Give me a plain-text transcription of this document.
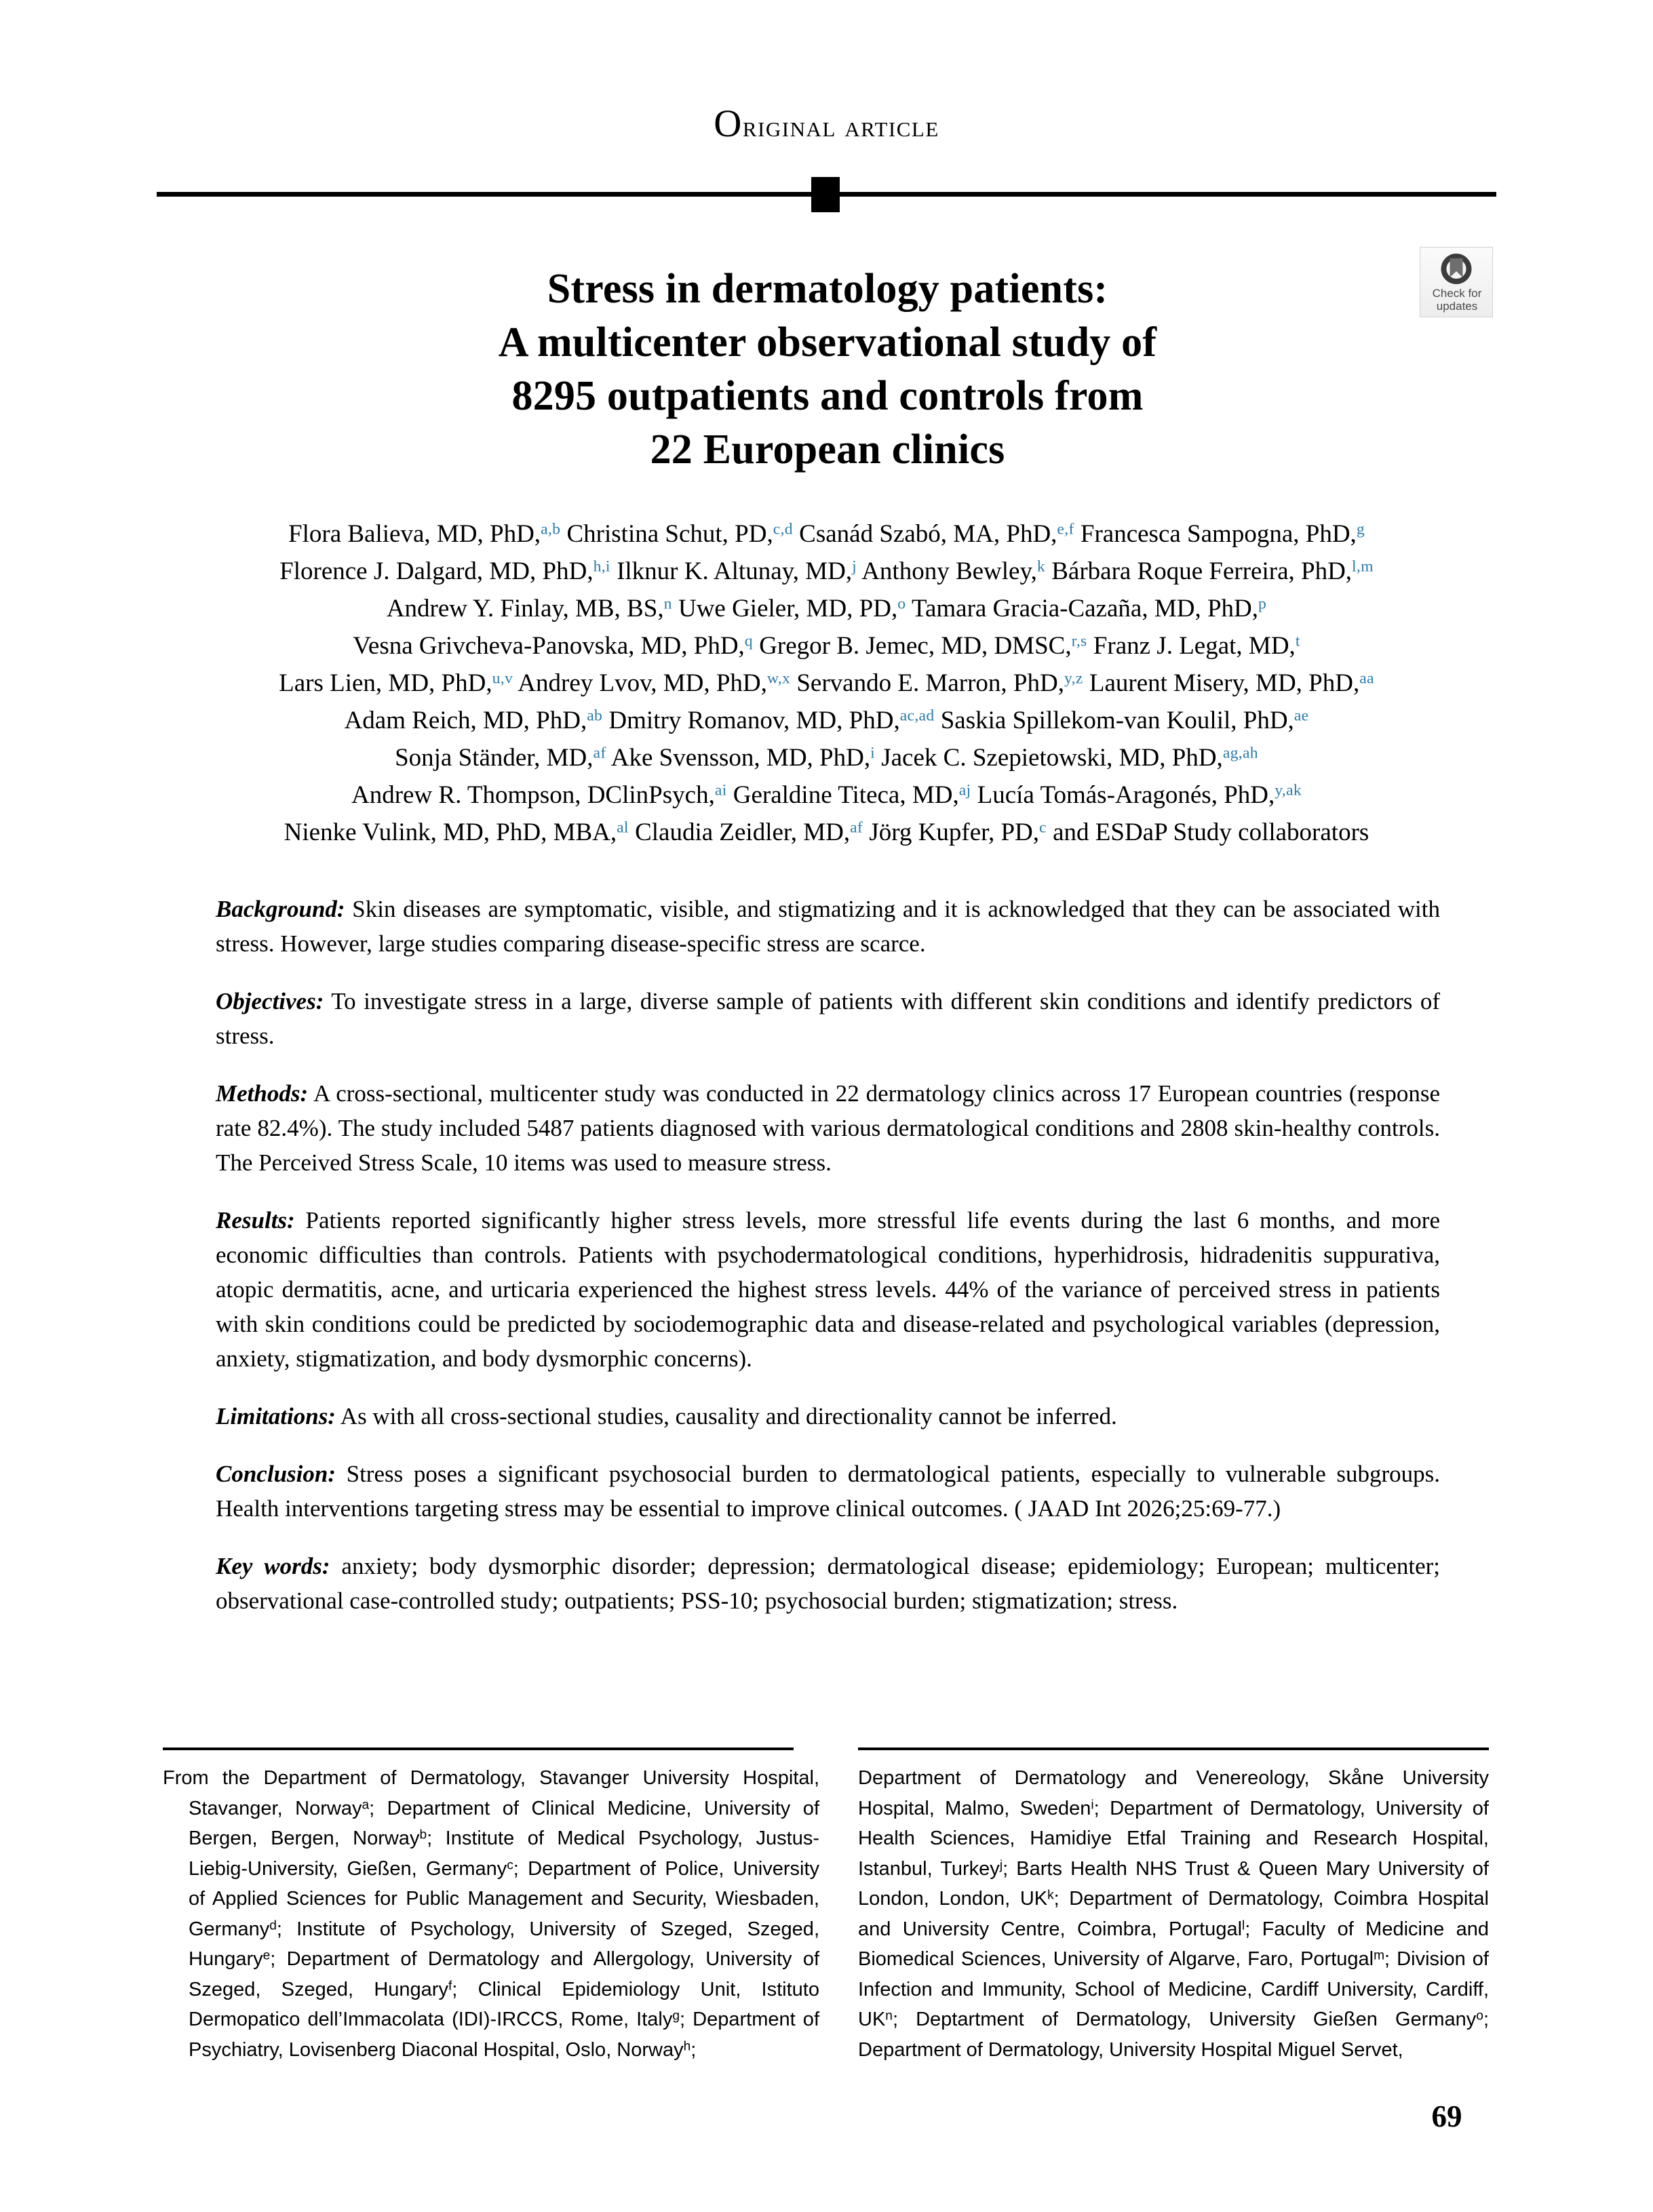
Original article
Stress in dermatology patients:
A multicenter observational study of
8295 outpatients and controls from
22 European clinics
Check for
updates
Flora Balieva, MD, PhD,$^{a,b}$ Christina Schut, PD,$^{c,d}$ Csanád Szabó, MA, PhD,$^{e,f}$ Francesca Sampogna, PhD,$^g$
Florence J. Dalgard, MD, PhD,$^{h,i}$ Ilknur K. Altunay, MD,$^j$ Anthony Bewley,$^k$ Bárbara Roque Ferreira, PhD,$^{l,m}$
Andrew Y. Finlay, MB, BS,$^n$ Uwe Gieler, MD, PD,$^o$ Tamara Gracia-Cazaña, MD, PhD,$^p$
Vesna Grivcheva-Panovska, MD, PhD,$^q$ Gregor B. Jemec, MD, DMSC,$^{r,s}$ Franz J. Legat, MD,$^t$
Lars Lien, MD, PhD,$^{u,v}$ Andrey Lvov, MD, PhD,$^{w,x}$ Servando E. Marron, PhD,$^{y,z}$ Laurent Misery, MD, PhD,$^{aa}$
Adam Reich, MD, PhD,$^{ab}$ Dmitry Romanov, MD, PhD,$^{ac,ad}$ Saskia Spillekom-van Koulil, PhD,$^{ae}$
Sonja Ständer, MD,$^{af}$ Ake Svensson, MD, PhD,$^i$ Jacek C. Szepietowski, MD, PhD,$^{ag,ah}$
Andrew R. Thompson, DClinPsych,$^{ai}$ Geraldine Titeca, MD,$^{aj}$ Lucía Tomás-Aragonés, PhD,$^{y,ak}$
Nienke Vulink, MD, PhD, MBA,$^{al}$ Claudia Zeidler, MD,$^{af}$ Jörg Kupfer, PD,$^c$ and ESDaP Study collaborators

Background: Skin diseases are symptomatic, visible, and stigmatizing and it is acknowledged that they can be associated with stress. However, large studies comparing disease-specific stress are scarce.

Objectives: To investigate stress in a large, diverse sample of patients with different skin conditions and identify predictors of stress.

Methods: A cross-sectional, multicenter study was conducted in 22 dermatology clinics across 17 European countries (response rate 82.4%). The study included 5487 patients diagnosed with various dermatological conditions and 2808 skin-healthy controls. The Perceived Stress Scale, 10 items was used to measure stress.

Results: Patients reported significantly higher stress levels, more stressful life events during the last 6 months, and more economic difficulties than controls. Patients with psychodermatological conditions, hyperhidrosis, hidradenitis suppurativa, atopic dermatitis, acne, and urticaria experienced the highest stress levels. 44% of the variance of perceived stress in patients with skin conditions could be predicted by sociodemographic data and disease-related and psychological variables (depression, anxiety, stigmatization, and body dysmorphic concerns).

Limitations: As with all cross-sectional studies, causality and directionality cannot be inferred.

Conclusion: Stress poses a significant psychosocial burden to dermatological patients, especially to vulnerable subgroups. Health interventions targeting stress may be essential to improve clinical outcomes. ( JAAD Int 2026;25:69-77.)

Key words: anxiety; body dysmorphic disorder; depression; dermatological disease; epidemiology; European; multicenter; observational case-controlled study; outpatients; PSS-10; psychosocial burden; stigmatization; stress.

From the Department of Dermatology, Stavanger University Hospital, Stavanger, Norway$^a$; Department of Clinical Medicine, University of Bergen, Bergen, Norway$^b$; Institute of Medical Psychology, Justus-Liebig-University, Gießen, Germany$^c$; Department of Police, University of Applied Sciences for Public Management and Security, Wiesbaden, Germany$^d$; Institute of Psychology, University of Szeged, Szeged, Hungary$^e$; Department of Dermatology and Allergology, University of Szeged, Szeged, Hungary$^f$; Clinical Epidemiology Unit, Istituto Dermopatico dell’Immacolata (IDI)-IRCCS, Rome, Italy$^g$; Department of Psychiatry, Lovisenberg Diaconal Hospital, Oslo, Norway$^h$;
Department of Dermatology and Venereology, Skåne University Hospital, Malmo, Sweden$^i$; Department of Dermatology, University of Health Sciences, Hamidiye Etfal Training and Research Hospital, Istanbul, Turkey$^j$; Barts Health NHS Trust & Queen Mary University of London, London, $UK^k$; Department of Dermatology, Coimbra Hospital and University Centre, Coimbra, Portugal$^l$; Faculty of Medicine and Biomedical Sciences, University of Algarve, Faro, Portugal$^m$; Division of Infection and Immunity, School of Medicine, Cardiff University, Cardiff, $UK^n$; Deptartment of Dermatology, University Gießen Germany$^o$; Department of Dermatology, University Hospital Miguel Servet,
69
